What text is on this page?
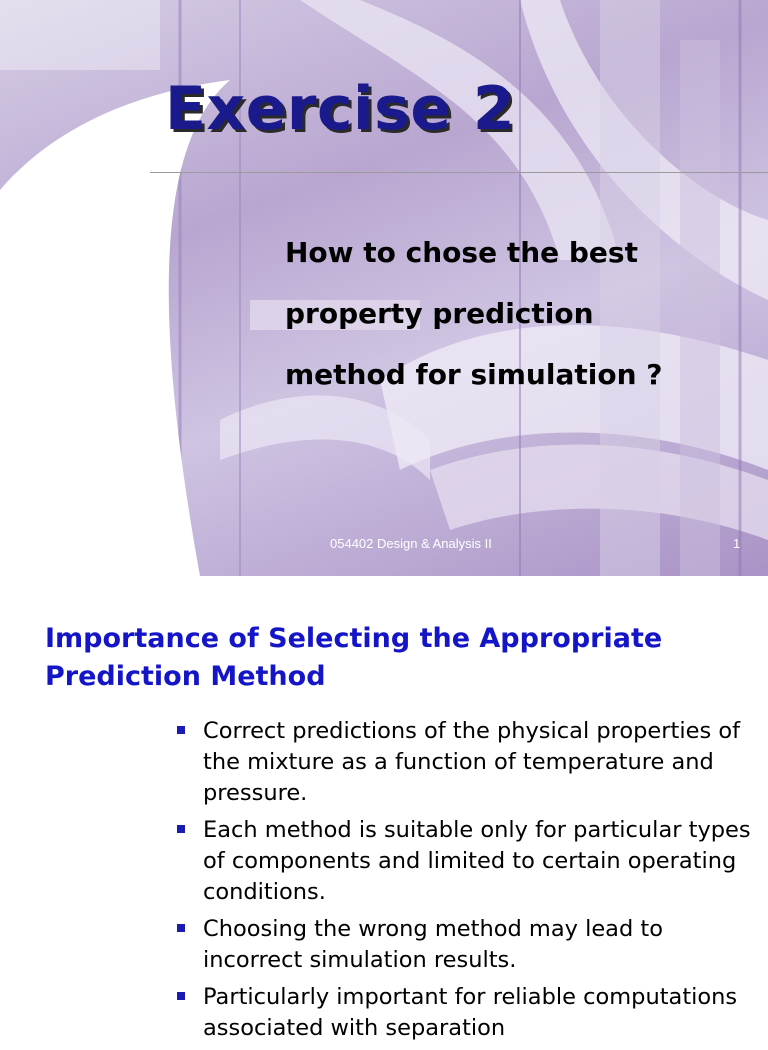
Exercise 2
How to chose the best
property prediction
method for simulation ?
11/25/20	054402 Design & Analysis II	1
Importance of Selecting the Appropriate Prediction Method
Correct predictions of the physical properties of the mixture as a function of temperature and pressure.
Each method is suitable only for particular types of components and limited to certain operating conditions.
Choosing the wrong method may lead to incorrect simulation results.
Particularly important for reliable computations associated with separation
